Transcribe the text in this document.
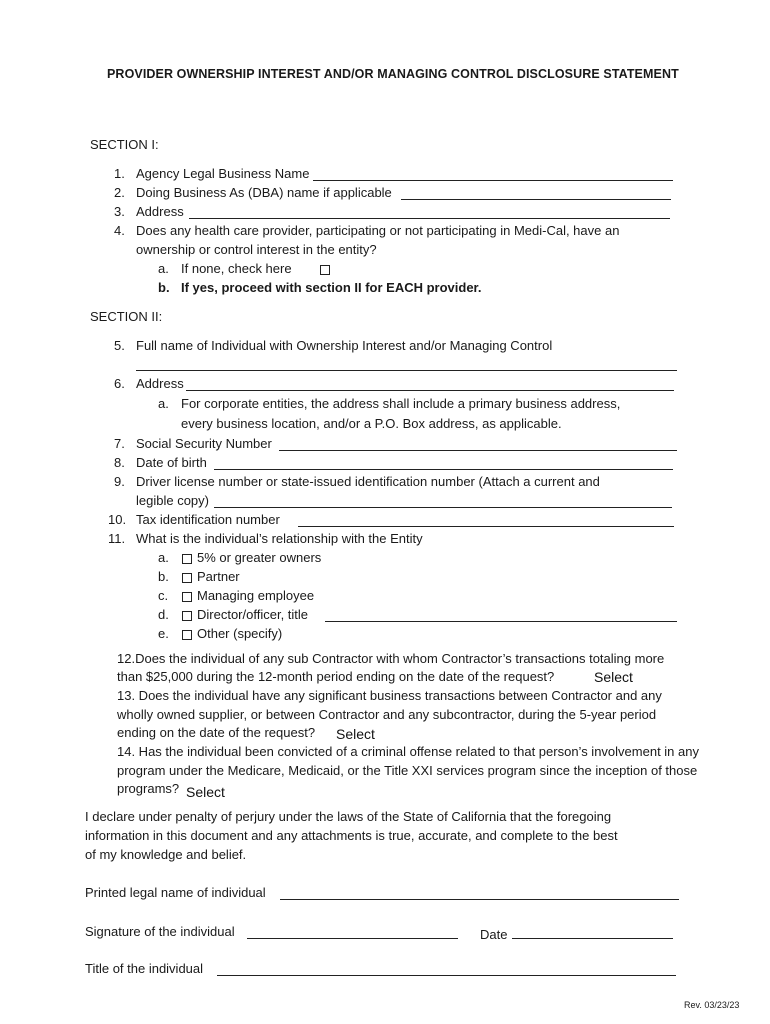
PROVIDER OWNERSHIP INTEREST AND/OR MANAGING CONTROL DISCLOSURE STATEMENT
SECTION I:
1. Agency Legal Business Name
2. Doing Business As (DBA) name if applicable
3. Address
4. Does any health care provider, participating or not participating in Medi-Cal, have an
ownership or control interest in the entity?
a. If none, check here
b. If yes, proceed with section II for EACH provider.
SECTION II:
5. Full name of Individual with Ownership Interest and/or Managing Control
6. Address
a. For corporate entities, the address shall include a primary business address,
every business location, and/or a P.O. Box address, as applicable.
7. Social Security Number
8. Date of birth
9. Driver license number or state-issued identification number (Attach a current and
legible copy)
10. Tax identification number
11. What is the individual’s relationship with the Entity
a. 5% or greater owners
b. Partner
c. Managing employee
d. Director/officer, title
e. Other (specify)
12.Does the individual of any sub Contractor with whom Contractor’s transactions totaling more
than $25,000 during the 12-month period ending on the date of the request?	Select
13. Does the individual have any significant business transactions between Contractor and any
wholly owned supplier, or between Contractor and any subcontractor, during the 5-year period
ending on the date of the request? Select
14. Has the individual been convicted of a criminal offense related to that person’s involvement in any
program under the Medicare, Medicaid, or the Title XXI services program since the inception of those
programs? Select
I declare under penalty of perjury under the laws of the State of California that the foregoing
information in this document and any attachments is true, accurate, and complete to the best
of my knowledge and belief.
Printed legal name of individual
Signature of the individual	Date
Title of the individual
Rev. 03/23/23
